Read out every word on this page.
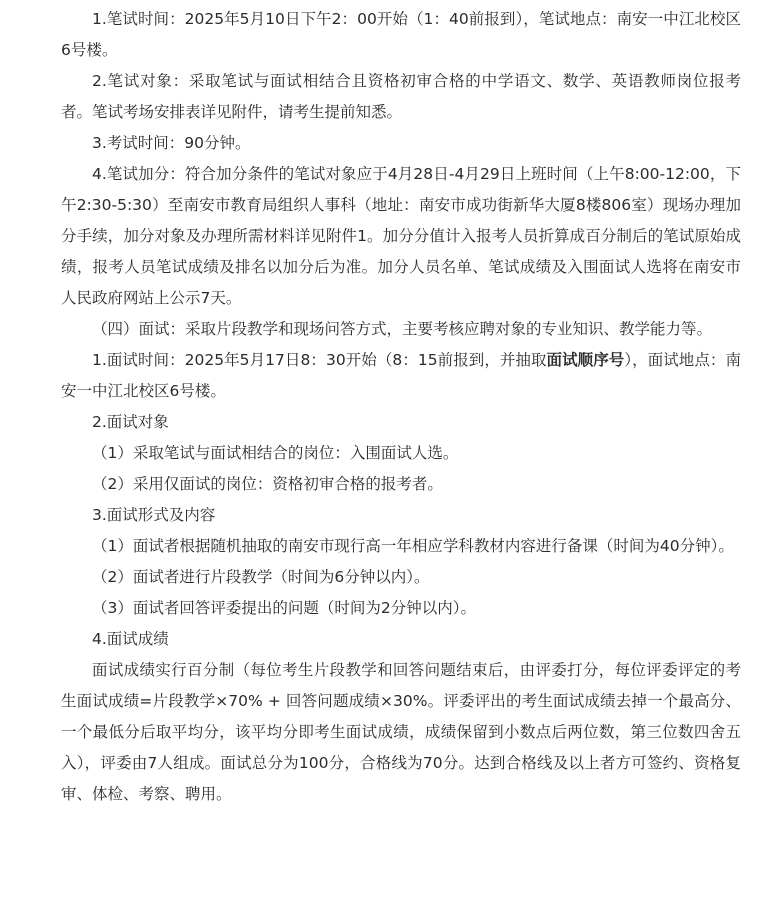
1.笔试时间：2025年5月10日下午2：00开始（1：40前报到），笔试地点：南安一中江北校区6号楼。

2.笔试对象：采取笔试与面试相结合且资格初审合格的中学语文、数学、英语教师岗位报考者。笔试考场安排表详见附件，请考生提前知悉。

3.考试时间：90分钟。

4.笔试加分：符合加分条件的笔试对象应于4月28日-4月29日上班时间（上午8:00-12:00，下午2:30-5:30）至南安市教育局组织人事科（地址：南安市成功街新华大厦8楼806室）现场办理加分手续，加分对象及办理所需材料详见附件1。加分分值计入报考人员折算成百分制后的笔试原始成绩，报考人员笔试成绩及排名以加分后为准。加分人员名单、笔试成绩及入围面试人选将在南安市人民政府网站上公示7天。

（四）面试：采取片段教学和现场问答方式，主要考核应聘对象的专业知识、教学能力等。

1.面试时间：2025年5月17日8：30开始（8：15前报到，并抽取面试顺序号），面试地点：南安一中江北校区6号楼。

2.面试对象

（1）采取笔试与面试相结合的岗位：入围面试人选。

（2）采用仅面试的岗位：资格初审合格的报考者。

3.面试形式及内容

（1）面试者根据随机抽取的南安市现行高一年相应学科教材内容进行备课（时间为40分钟）。

（2）面试者进行片段教学（时间为6分钟以内）。

（3）面试者回答评委提出的问题（时间为2分钟以内）。

4.面试成绩

面试成绩实行百分制（每位考生片段教学和回答问题结束后，由评委打分，每位评委评定的考生面试成绩=片段教学×70% + 回答问题成绩×30%。评委评出的考生面试成绩去掉一个最高分、一个最低分后取平均分，该平均分即考生面试成绩，成绩保留到小数点后两位数，第三位数四舍五入），评委由7人组成。面试总分为100分，合格线为70分。达到合格线及以上者方可签约、资格复审、体检、考察、聘用。
